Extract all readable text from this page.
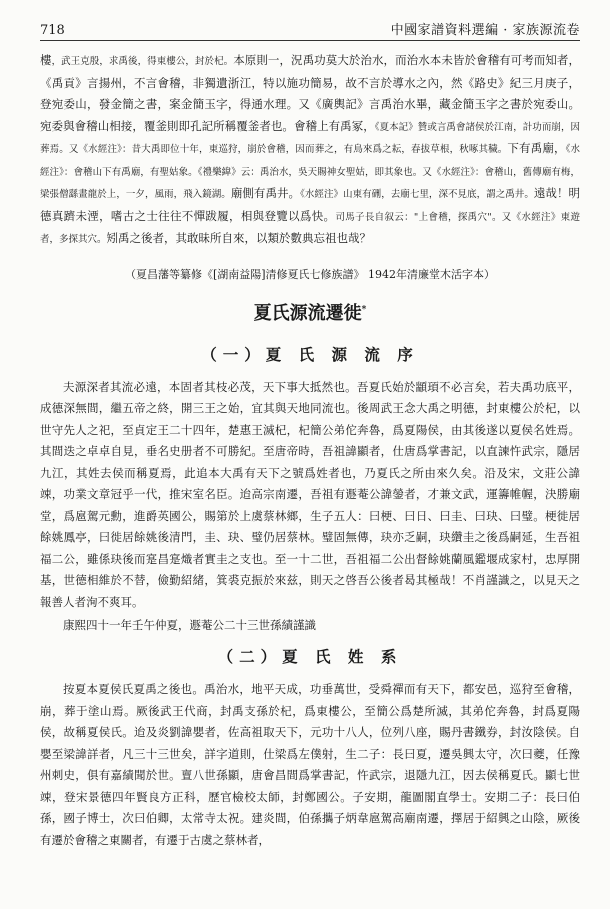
718	中國家譜資料選編 · 家族源流卷

樓，武王克殷，求禹後，得東樓公，封於杞。本原則一，況禹功莫大於治水，而治水本未皆於會稽有可考而知者，《禹貢》言揚州，不言會稽，非獨遺浙江，特以施功簡易，故不言於導水之內，然《路史》紀三月庚子，登宛委山，發金簡之書，案金簡玉字，得通水理。又《廣輿記》言禹治水畢，藏金簡玉字之書於宛委山。宛委與會稽山相接，覆釜則即孔記所稱覆釜者也。會稽上有禹冢，《夏本記》贊或言禹會諸侯於江南，計功而崩，因葬焉。又《水經注》：昔大禹即位十年，東巡狩，崩於會稽，因而葬之，有鳥來爲之耘，春拔草根，秋啄其穢。下有禹廟，《水經注》：會稽山下有禹廟，有聖姑象。《禮樂緯》云：禹治水，吳天賜神女聖姑，即其象也。又《水經注》：會稽山，舊傳廟有梅，梁張僧繇畫龍於上，一夕，風雨，飛入鏡湖。廟側有禹井。《水經注》山東有硎，去廟七里，深不見底，謂之禹井。遠哉！明德真躋未湮，嗜古之士往往不憚跋履，相與登覽以爲快。司馬子長自叙云："上會稽，探禹穴"。又《水經注》東遊者，多探其穴。矧禹之後者，其敢昧所自來，以類於數典忘祖也哉？

（夏昌藩等纂修《[湖南益陽]清修夏氏七修族譜》 1942年清廉堂木活字本）

夏氏源流遷徙*
（一）夏 氏 源 流 序

夫源深者其流必遠，本固者其枝必茂，天下事大抵然也。吾夏氏始於顓頊不必言矣，若夫禹功底平，成德深無間，繼五帝之終，開三王之始，宜其與天地同流也。後周武王念大禹之明德，封東樓公於杞，以世守先人之祀，至貞定王二十四年，楚惠王滅杞，杞簡公弟佗奔魯，爲夏陽侯，由其後遂以夏侯名姓焉。其間迭之卓卓自見，垂名史册者不可勝紀。至唐帝時，吾祖諱顯者，仕唐爲掌書記，以直諫忤武宗，隱居九江，其姓去侯而稱夏焉，此追本大禹有天下之號爲姓者也，乃夏氏之所由來久矣。沿及宋，文莊公諱竦，功業文章冠乎一代，推宋室名臣。迨高宗南遷，吾祖有遯菴公諱鎣者，才兼文武，運籌帷幄，決勝廟堂，爲扈駕元勳，進爵英國公，賜第於上虞蔡林鄉，生子五人：曰梗、曰日、曰圭、曰玦、曰璧。梗徙居餘姚鳳亭，曰徙居餘姚後清門，圭、玦、璧仍居蔡林。璧固無傳，玦亦乏嗣，玦纘圭之後爲嗣延，生吾祖福二公，雖係玦後而寔昌寔熾者實圭之支也。至一十二世，吾祖福二公出督餘姚蘭風鑑堰成家村，忠厚開基，世德相維於不替，儉勤紹緒，箕裘克振於來兹，則天之啓吾公後者曷其極哉！不肖謹識之，以見天之報善人者洵不爽耳。

康熙四十一年壬午仲夏，遯菴公二十三世孫績謹識

（二）夏 氏 姓 系

按夏本夏侯氏夏禹之後也。禹治水，地平天成，功垂萬世，受舜禪而有天下，都安邑，巡狩至會稽，崩，葬于塗山焉。厥後武王代商，封禹支孫於杞，爲東樓公，至簡公爲楚所滅，其弟佗奔魯，封爲夏陽侯，故稱夏侯氏。迨及炎劉諱嬰者，佐高祖取天下，元功十八人，位列八座，賜丹書鐵券，封汝陰侯。自嬰至梁諱詳者，凡三十三世矣，詳字道則，仕梁爲左僕射，生二子：長曰夏，遷吳興太守，次曰夔，任豫州刺史，俱有嘉績聞於世。亶八世孫顯，唐會昌間爲掌書記，忤武宗，退隱九江，因去侯稱夏氏。顯七世竦，登宋景德四年賢良方正科，歷官檢校太師，封鄭國公。子安期，龍圖閣直學士。安期二子：長曰伯孫，國子博士，次曰伯卿，太常寺太祝。建炎間，伯孫攜子炳韋扈駕高廟南遷，擇居于紹興之山陰，厥後有遷於會稽之東關者，有遷于古虞之蔡林者，
